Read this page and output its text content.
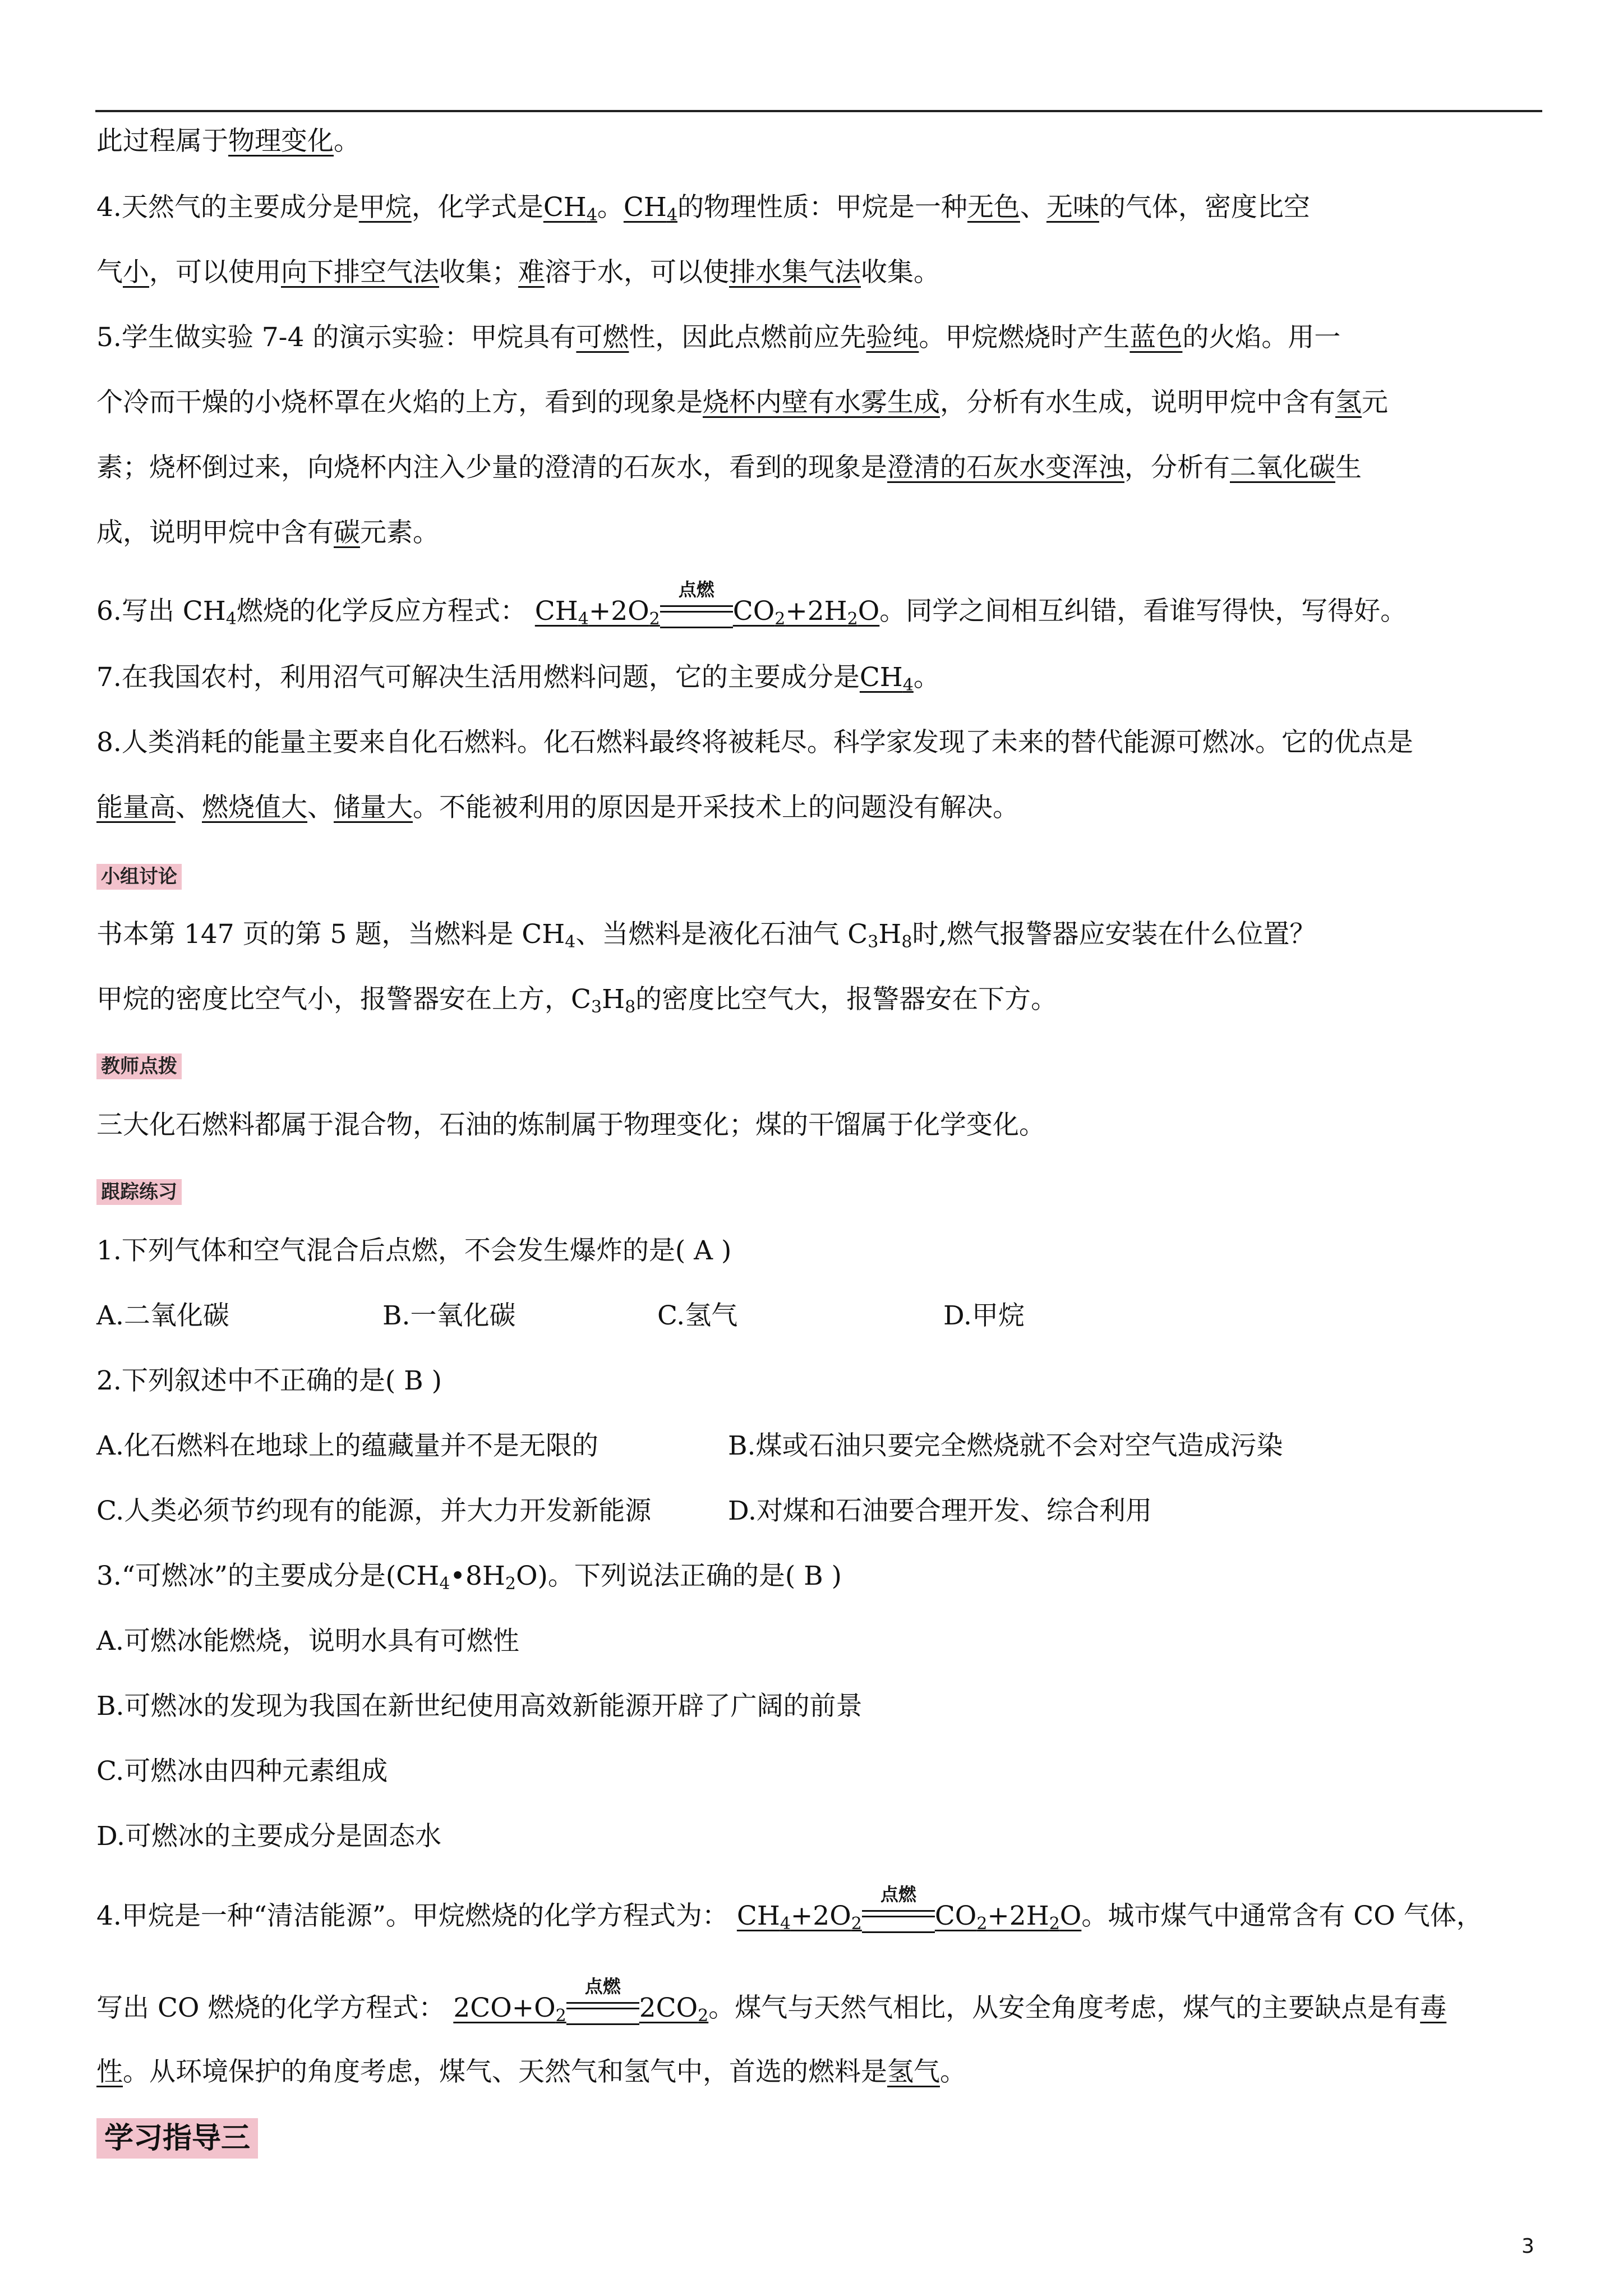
此过程属于物理变化。
4.天然气的主要成分是甲烷，化学式是$CH_4$。$CH_4$的物理性质：甲烷是一种无色、无味的气体，密度比空
气小，可以使用向下排空气法收集；难溶于水，可以使排水集气法收集。
5.学生做实验 7-4 的演示实验：甲烷具有可燃性，因此点燃前应先验纯。甲烷燃烧时产生蓝色的火焰。用一
个冷而干燥的小烧杯罩在火焰的上方，看到的现象是烧杯内壁有水雾生成，分析有水生成，说明甲烷中含有氢元
素；烧杯倒过来，向烧杯内注入少量的澄清的石灰水，看到的现象是澄清的石灰水变浑浊，分析有二氧化碳生
成，说明甲烷中含有碳元素。
6.写出 $CH_4$燃烧的化学反应方程式： $CH_4+2O_2$
点燃
$CO_2+2H_2O$。同学之间相互纠错，看谁写得快，写得好。
7.在我国农村，利用沼气可解决生活用燃料问题，它的主要成分是$CH_4$。
8.人类消耗的能量主要来自化石燃料。化石燃料最终将被耗尽。科学家发现了未来的替代能源可燃冰。它的优点是
能量高、燃烧值大、储量大。不能被利用的原因是开采技术上的问题没有解决。
小组讨论
书本第 147 页的第 5 题，当燃料是 $CH_4$、当燃料是液化石油气 $C_3H_8$时,燃气报警器应安装在什么位置？
甲烷的密度比空气小，报警器安在上方，$C_3H_8$的密度比空气大，报警器安在下方。
教师点拨
三大化石燃料都属于混合物，石油的炼制属于物理变化；煤的干馏属于化学变化。
跟踪练习
1.下列气体和空气混合后点燃，不会发生爆炸的是( A )
A.二氧化碳	B.一氧化碳	C.氢气	D.甲烷
2.下列叙述中不正确的是( B )
A.化石燃料在地球上的蕴藏量并不是无限的	B.煤或石油只要完全燃烧就不会对空气造成污染
C.人类必须节约现有的能源，并大力开发新能源	D.对煤和石油要合理开发、综合利用
3.“可燃冰”的主要成分是$(CH_4•8H_2O)$。下列说法正确的是( B )
A.可燃冰能燃烧，说明水具有可燃性
B.可燃冰的发现为我国在新世纪使用高效新能源开辟了广阔的前景
C.可燃冰由四种元素组成
D.可燃冰的主要成分是固态水
4.甲烷是一种“清洁能源”。甲烷燃烧的化学方程式为： $CH_4+2O_2$
点燃
$CO_2+2H_2O$。城市煤气中通常含有 CO 气体，
写出 CO 燃烧的化学方程式： $2CO+O_2$
点燃
$2CO_2$。煤气与天然气相比，从安全角度考虑，煤气的主要缺点是有毒
性。从环境保护的角度考虑，煤气、天然气和氢气中，首选的燃料是氢气。
学习指导三
3
